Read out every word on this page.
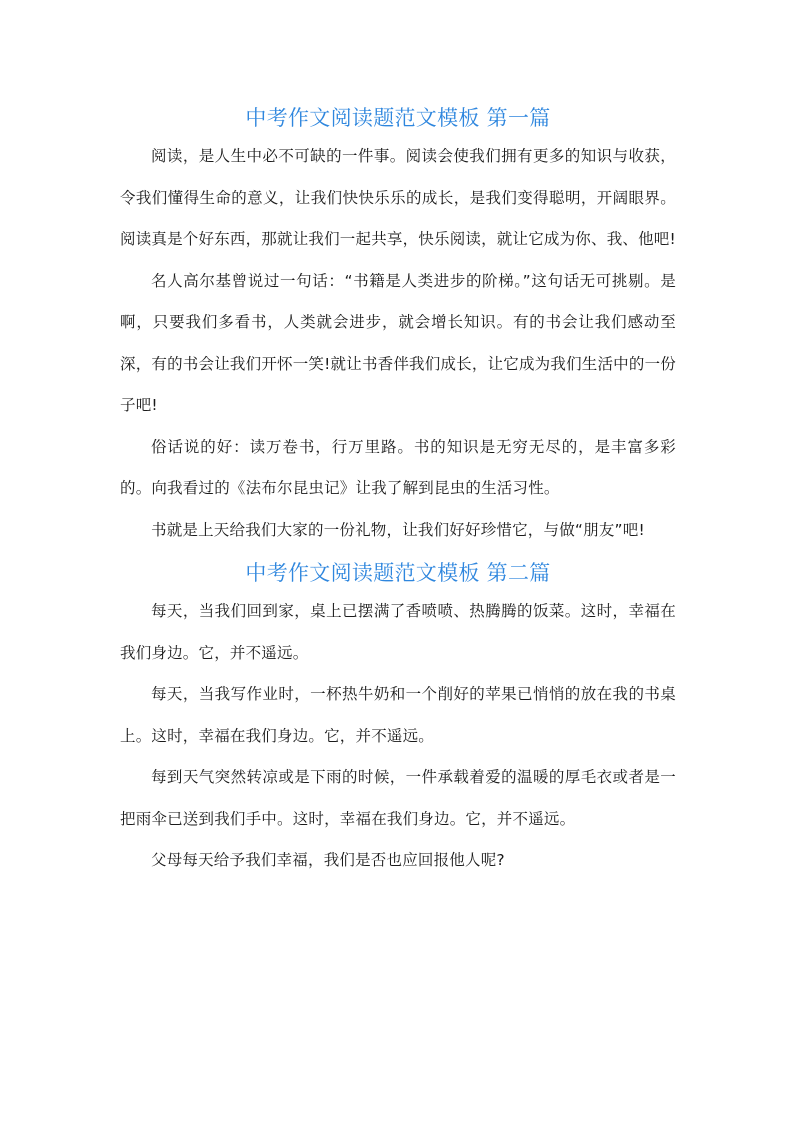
中考作文阅读题范文模板 第一篇

阅读，是人生中必不可缺的一件事。阅读会使我们拥有更多的知识与收获，令我们懂得生命的意义，让我们快快乐乐的成长，是我们变得聪明，开阔眼界。阅读真是个好东西，那就让我们一起共享，快乐阅读，就让它成为你、我、他吧!

名人高尔基曾说过一句话：“书籍是人类进步的阶梯。”这句话无可挑剔。是啊，只要我们多看书，人类就会进步，就会增长知识。有的书会让我们感动至深，有的书会让我们开怀一笑!就让书香伴我们成长，让它成为我们生活中的一份子吧!

俗话说的好：读万卷书，行万里路。书的知识是无穷无尽的，是丰富多彩的。向我看过的《法布尔昆虫记》让我了解到昆虫的生活习性。

书就是上天给我们大家的一份礼物，让我们好好珍惜它，与做“朋友”吧!

中考作文阅读题范文模板 第二篇

每天，当我们回到家，桌上已摆满了香喷喷、热腾腾的饭菜。这时，幸福在我们身边。它，并不遥远。

每天，当我写作业时，一杯热牛奶和一个削好的苹果已悄悄的放在我的书桌上。这时，幸福在我们身边。它，并不遥远。

每到天气突然转凉或是下雨的时候，一件承载着爱的温暖的厚毛衣或者是一把雨伞已送到我们手中。这时，幸福在我们身边。它，并不遥远。

父母每天给予我们幸福，我们是否也应回报他人呢?
